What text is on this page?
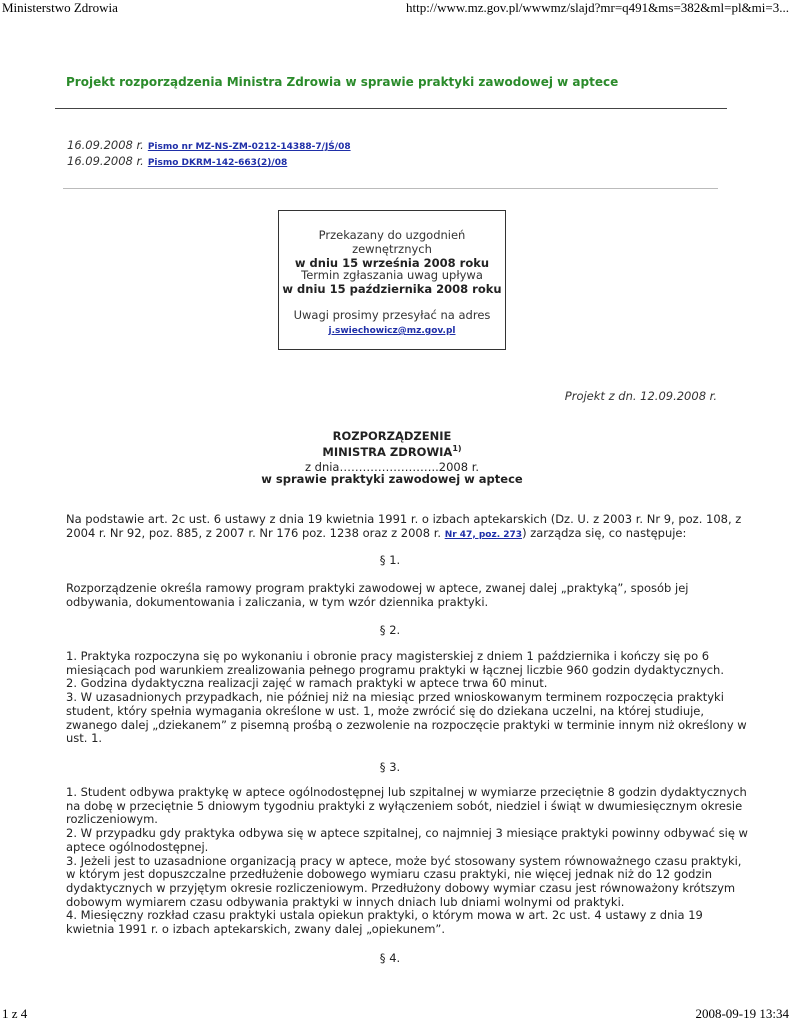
Ministerstwo Zdrowia	http://www.mz.gov.pl/wwwmz/slajd?mr=q491&ms=382&ml=pl&mi=3...
Projekt rozporządzenia Ministra Zdrowia w sprawie praktyki zawodowej w aptece
16.09.2008 r. Pismo nr MZ-NS-ZM-0212-14388-7/JŚ/08
16.09.2008 r. Pismo DKRM-142-663(2)/08
Przekazany do uzgodnień zewnętrznych
w dniu 15 września 2008 roku
Termin zgłaszania uwag upływa
w dniu 15 października 2008 roku
Uwagi prosimy przesyłać na adres
j.swiechowicz@mz.gov.pl
Projekt z dn. 12.09.2008 r.
ROZPORZĄDZENIE
MINISTRA ZDROWIA$^{1)}$
z dnia……………………..2008 r.
w sprawie praktyki zawodowej w aptece
Na podstawie art. 2c ust. 6 ustawy z dnia 19 kwietnia 1991 r. o izbach aptekarskich (Dz. U. z 2003 r. Nr 9, poz. 108, z
2004 r. Nr 92, poz. 885, z 2007 r. Nr 176 poz. 1238 oraz z 2008 r. Nr 47, poz. 273) zarządza się, co następuje:
§ 1.
Rozporządzenie określa ramowy program praktyki zawodowej w aptece, zwanej dalej „praktyką”, sposób jej
odbywania, dokumentowania i zaliczania, w tym wzór dziennika praktyki.
§ 2.
1. Praktyka rozpoczyna się po wykonaniu i obronie pracy magisterskiej z dniem 1 października i kończy się po 6
miesiącach pod warunkiem zrealizowania pełnego programu praktyki w łącznej liczbie 960 godzin dydaktycznych.
2. Godzina dydaktyczna realizacji zajęć w ramach praktyki w aptece trwa 60 minut.
3. W uzasadnionych przypadkach, nie później niż na miesiąc przed wnioskowanym terminem rozpoczęcia praktyki
student, który spełnia wymagania określone w ust. 1, może zwrócić się do dziekana uczelni, na której studiuje,
zwanego dalej „dziekanem” z pisemną prośbą o zezwolenie na rozpoczęcie praktyki w terminie innym niż określony w
ust. 1.
§ 3.
1. Student odbywa praktykę w aptece ogólnodostępnej lub szpitalnej w wymiarze przeciętnie 8 godzin dydaktycznych
na dobę w przeciętnie 5 dniowym tygodniu praktyki z wyłączeniem sobót, niedziel i świąt w dwumiesięcznym okresie
rozliczeniowym.
2. W przypadku gdy praktyka odbywa się w aptece szpitalnej, co najmniej 3 miesiące praktyki powinny odbywać się w
aptece ogólnodostępnej.
3. Jeżeli jest to uzasadnione organizacją pracy w aptece, może być stosowany system równoważnego czasu praktyki,
w którym jest dopuszczalne przedłużenie dobowego wymiaru czasu praktyki, nie więcej jednak niż do 12 godzin
dydaktycznych w przyjętym okresie rozliczeniowym. Przedłużony dobowy wymiar czasu jest równoważony krótszym
dobowym wymiarem czasu odbywania praktyki w innych dniach lub dniami wolnymi od praktyki.
4. Miesięczny rozkład czasu praktyki ustala opiekun praktyki, o którym mowa w art. 2c ust. 4 ustawy z dnia 19
kwietnia 1991 r. o izbach aptekarskich, zwany dalej „opiekunem”.
§ 4.
1 z 4	2008-09-19 13:34
